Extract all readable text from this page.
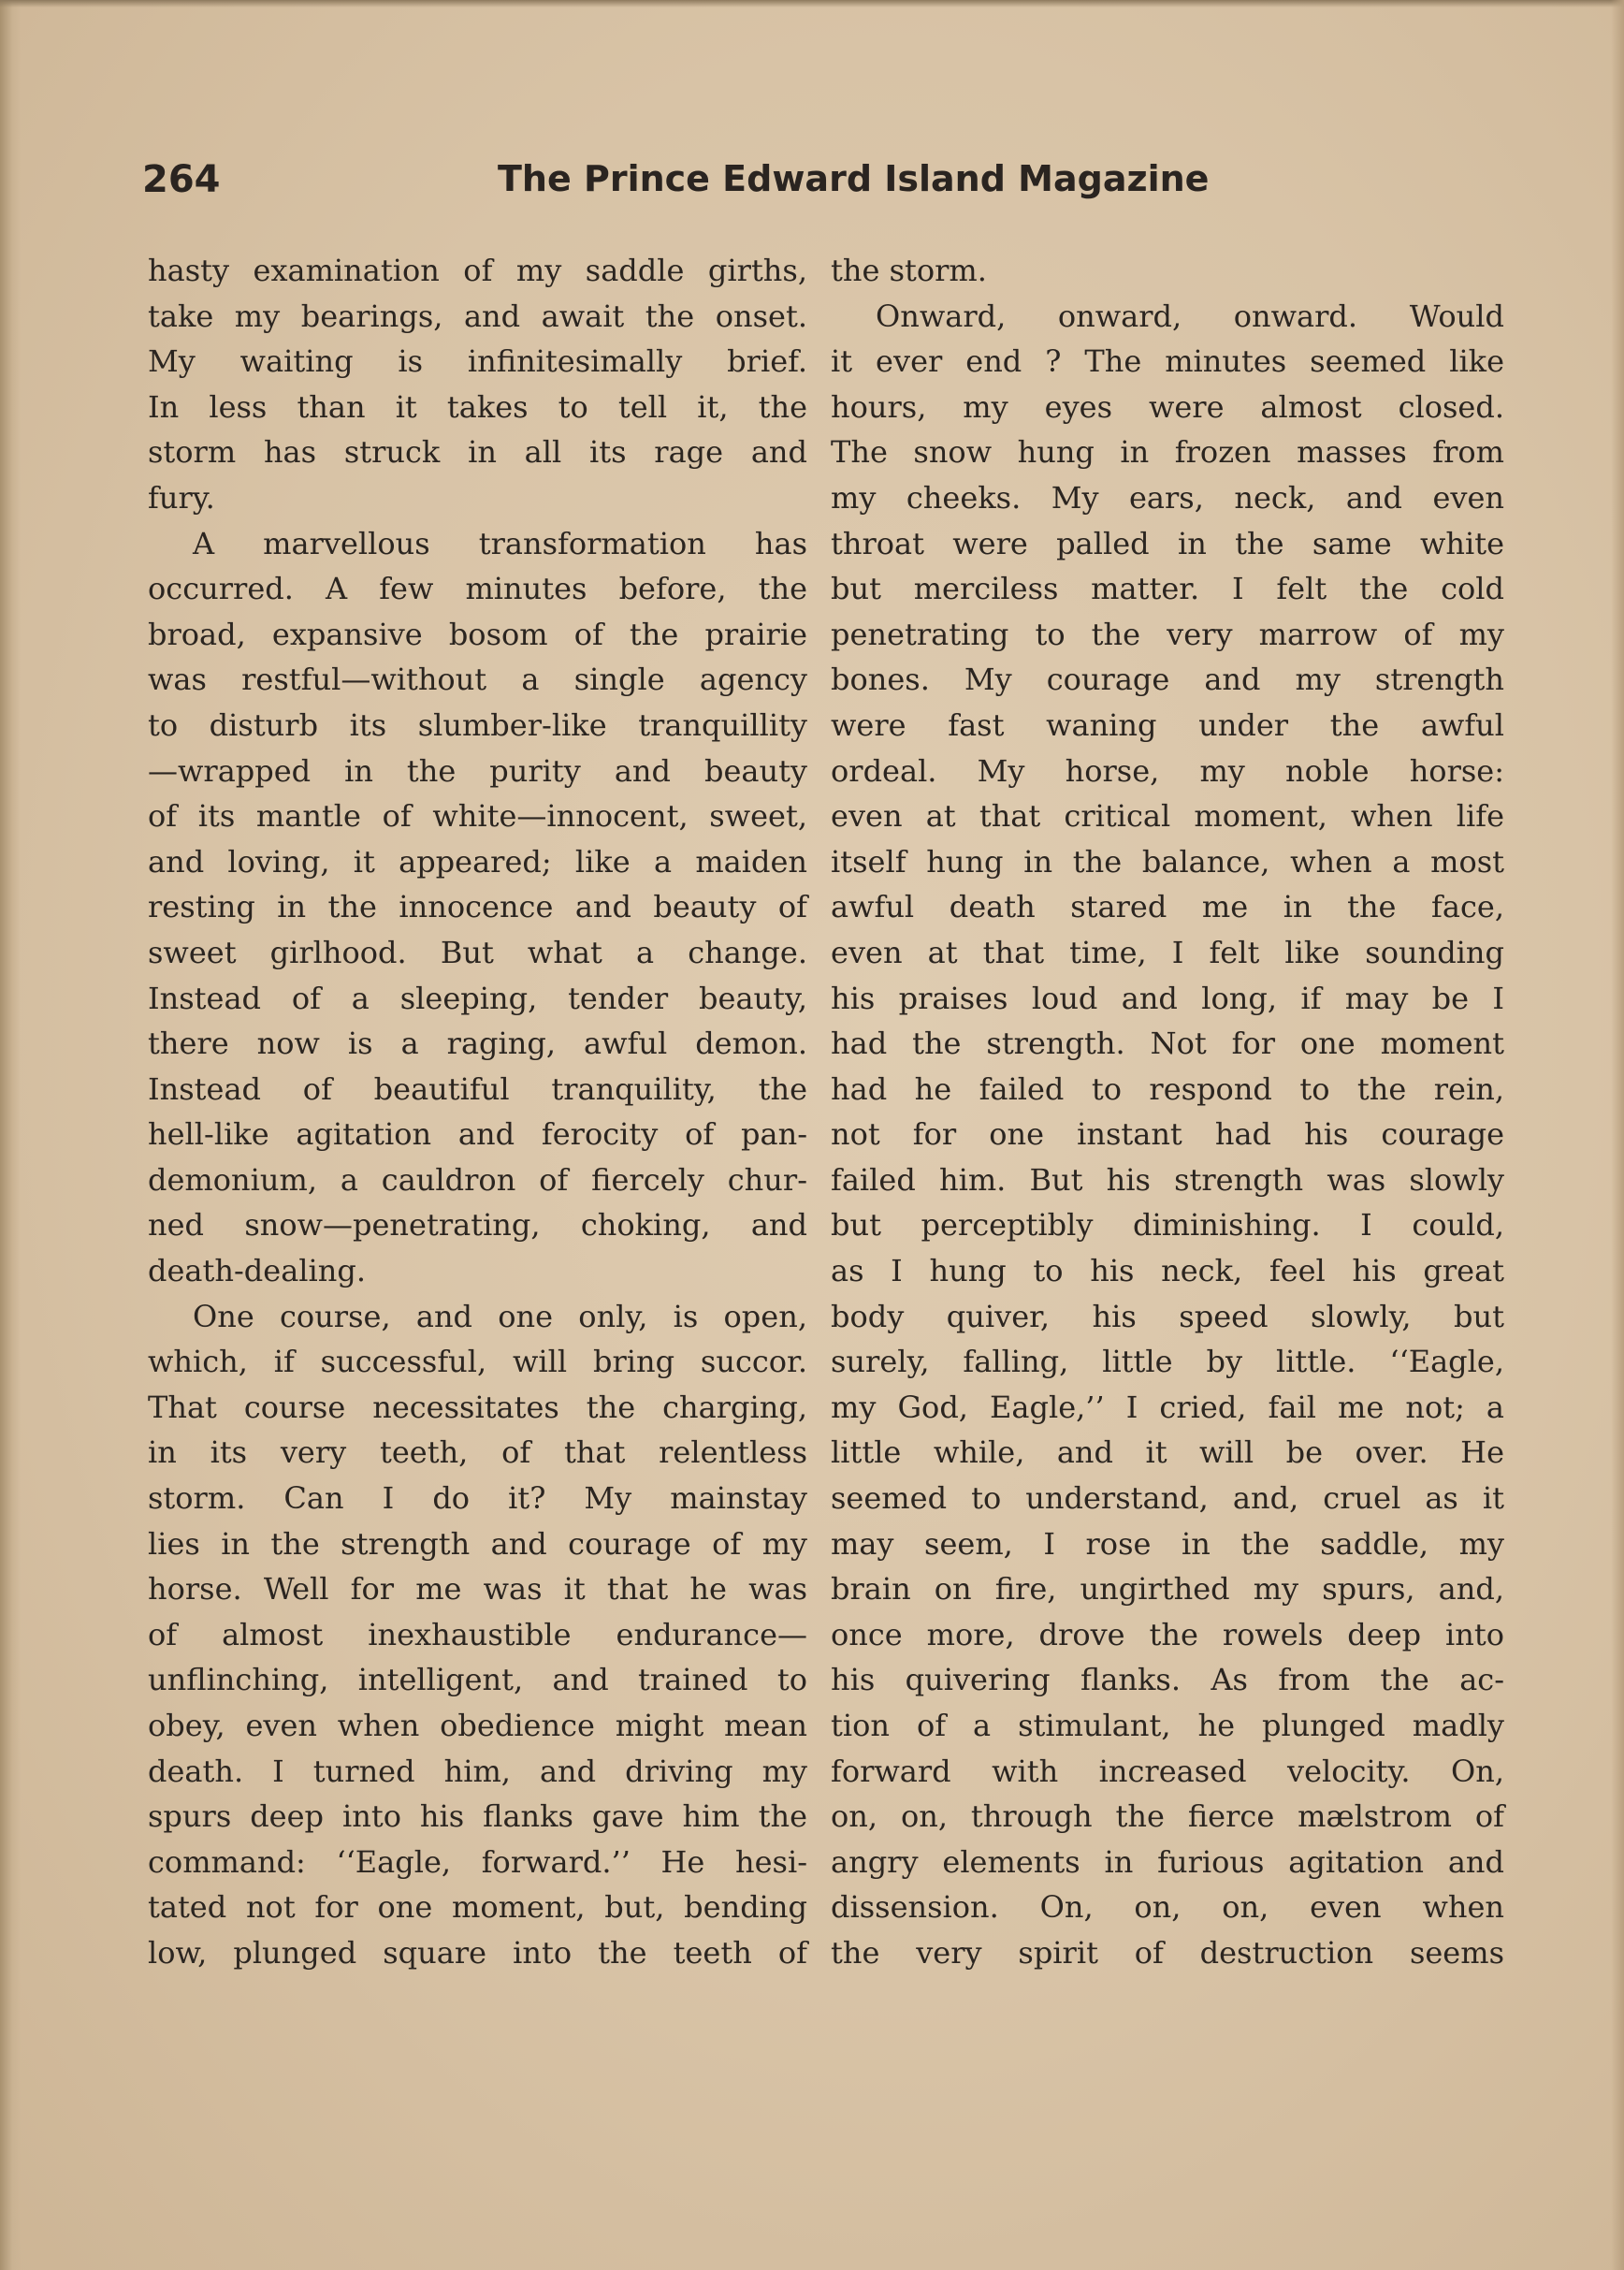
264	The Prince Edward Island Magazine
hasty examination of my saddle girths,
take my bearings, and await the onset.
My waiting is infinitesimally brief.
In less than it takes to tell it, the
storm has struck in all its rage and
fury.
A marvellous transformation has
occurred. A few minutes before, the
broad, expansive bosom of the prairie
was restful—without a single agency
to disturb its slumber-like tranquillity
—wrapped in the purity and beauty
of its mantle of white—innocent, sweet,
and loving, it appeared; like a maiden
resting in the innocence and beauty of
sweet girlhood. But what a change.
Instead of a sleeping, tender beauty,
there now is a raging, awful demon.
Instead of beautiful tranquility, the
hell-like agitation and ferocity of pan-
demonium, a cauldron of fiercely chur-
ned snow—penetrating, choking, and
death-dealing.
One course, and one only, is open,
which, if successful, will bring succor.
That course necessitates the charging,
in its very teeth, of that relentless
storm. Can I do it? My mainstay
lies in the strength and courage of my
horse. Well for me was it that he was
of almost inexhaustible endurance—
unflinching, intelligent, and trained to
obey, even when obedience might mean
death. I turned him, and driving my
spurs deep into his flanks gave him the
command: ‘‘Eagle, forward.’’ He hesi-
tated not for one moment, but, bending
low, plunged square into the teeth of
the storm.
Onward, onward, onward. Would
it ever end ? The minutes seemed like
hours, my eyes were almost closed.
The snow hung in frozen masses from
my cheeks. My ears, neck, and even
throat were palled in the same white
but merciless matter. I felt the cold
penetrating to the very marrow of my
bones. My courage and my strength
were fast waning under the awful
ordeal. My horse, my noble horse:
even at that critical moment, when life
itself hung in the balance, when a most
awful death stared me in the face,
even at that time, I felt like sounding
his praises loud and long, if may be I
had the strength. Not for one moment
had he failed to respond to the rein,
not for one instant had his courage
failed him. But his strength was slowly
but perceptibly diminishing. I could,
as I hung to his neck, feel his great
body quiver, his speed slowly, but
surely, falling, little by little. ‘‘Eagle,
my God, Eagle,’’ I cried, fail me not; a
little while, and it will be over. He
seemed to understand, and, cruel as it
may seem, I rose in the saddle, my
brain on fire, ungirthed my spurs, and,
once more, drove the rowels deep into
his quivering flanks. As from the ac-
tion of a stimulant, he plunged madly
forward with increased velocity. On,
on, on, through the fierce mælstrom of
angry elements in furious agitation and
dissension. On, on, on, even when
the very spirit of destruction seems
